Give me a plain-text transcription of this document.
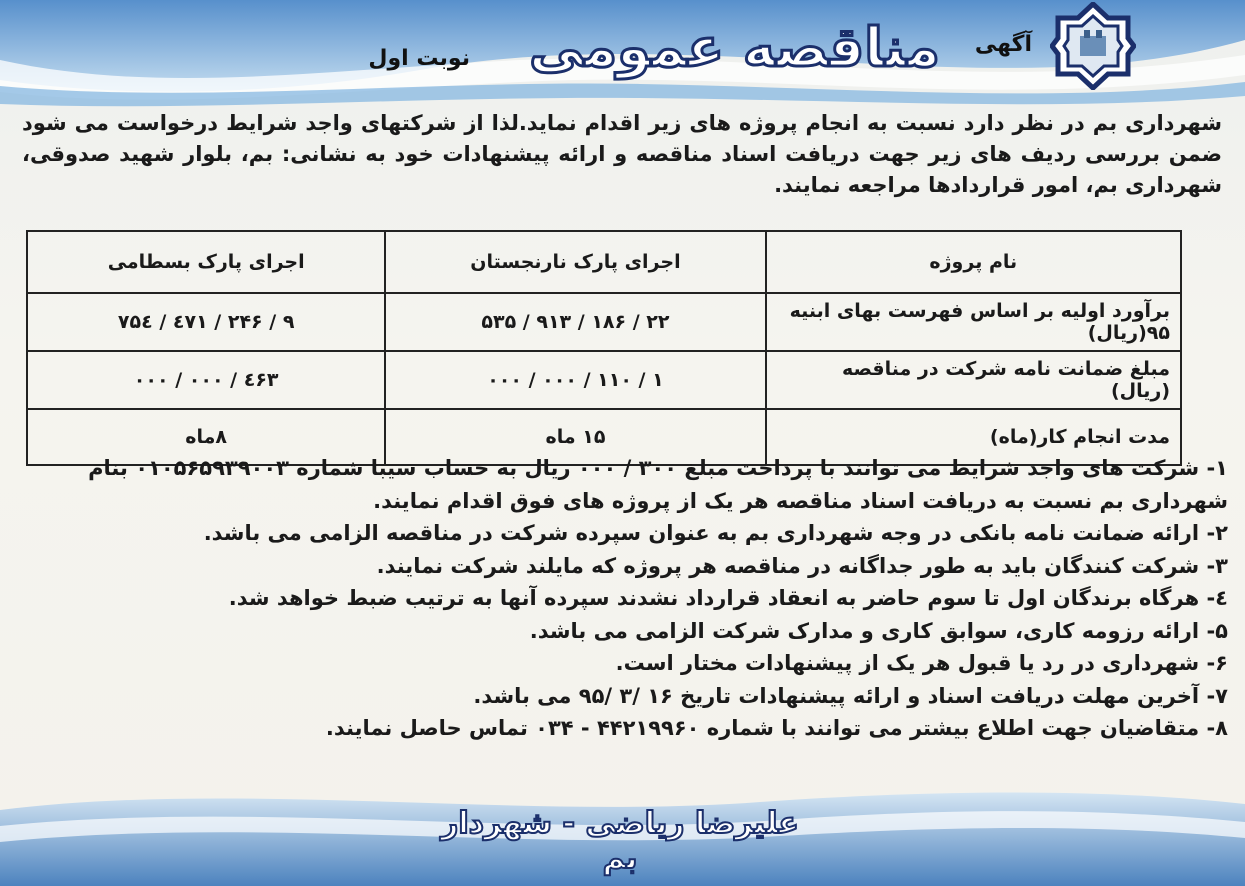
آگهی
مناقصه عمومی
نوبت اول
شهرداری بم در نظر دارد نسبت به انجام پروژه های زیر اقدام نماید.لذا از شرکتهای واجد شرایط درخواست می شود ضمن بررسی ردیف های زیر جهت دریافت اسناد مناقصه و ارائه پیشنهادات خود به نشانی: بم، بلوار شهید صدوقی، شهرداری بم، امور قراردادها مراجعه نمایند.
نام پروژه	اجرای پارک نارنجستان	اجرای پارک بسطامی
برآورد اولیه بر اساس فهرست بهای ابنیه ۹۵(ریال)	۲۲ / ۱۸۶ / ۹۱۳ / ۵۳۵	۹ / ۲۴۶ / ٤۷۱ / ۷۵٤
مبلغ ضمانت نامه شرکت در مناقصه (ریال)	۱ / ۱۱۰ / ۰۰۰ / ۰۰۰	٤۶۳ / ۰۰۰ / ۰۰۰
مدت انجام کار(ماه)	۱۵ ماه	۸ماه

۱- شرکت های واجد شرایط می توانند با پرداخت مبلغ ۳۰۰ / ۰۰۰ ریال به حساب سیبا شماره ۰۱۰۵۶۵۹۳۹۰۰۳ بنام شهرداری بم نسبت به دریافت اسناد مناقصه هر یک از پروژه های فوق اقدام نمایند.

۲- ارائه ضمانت نامه بانکی در وجه شهرداری بم به عنوان سپرده شرکت در مناقصه الزامی می باشد.

۳- شرکت کنندگان باید به طور جداگانه در مناقصه هر پروژه که مایلند شرکت نمایند.

٤- هرگاه برندگان اول تا سوم حاضر به انعقاد قرارداد نشدند سپرده آنها به ترتیب ضبط خواهد شد.

۵- ارائه رزومه کاری، سوابق کاری و مدارک شرکت الزامی می باشد.

۶- شهرداری در رد یا قبول هر یک از پیشنهادات مختار است.

۷- آخرین مهلت دریافت اسناد و ارائه پیشنهادات تاریخ ۱۶ /۳ /۹۵ می باشد.

۸- متقاضیان جهت اطلاع بیشتر می توانند با شماره ۴۴۲۱۹۹۶۰ - ۰۳۴ تماس حاصل نمایند.

علیرضا ریاضی - شهردار بم
